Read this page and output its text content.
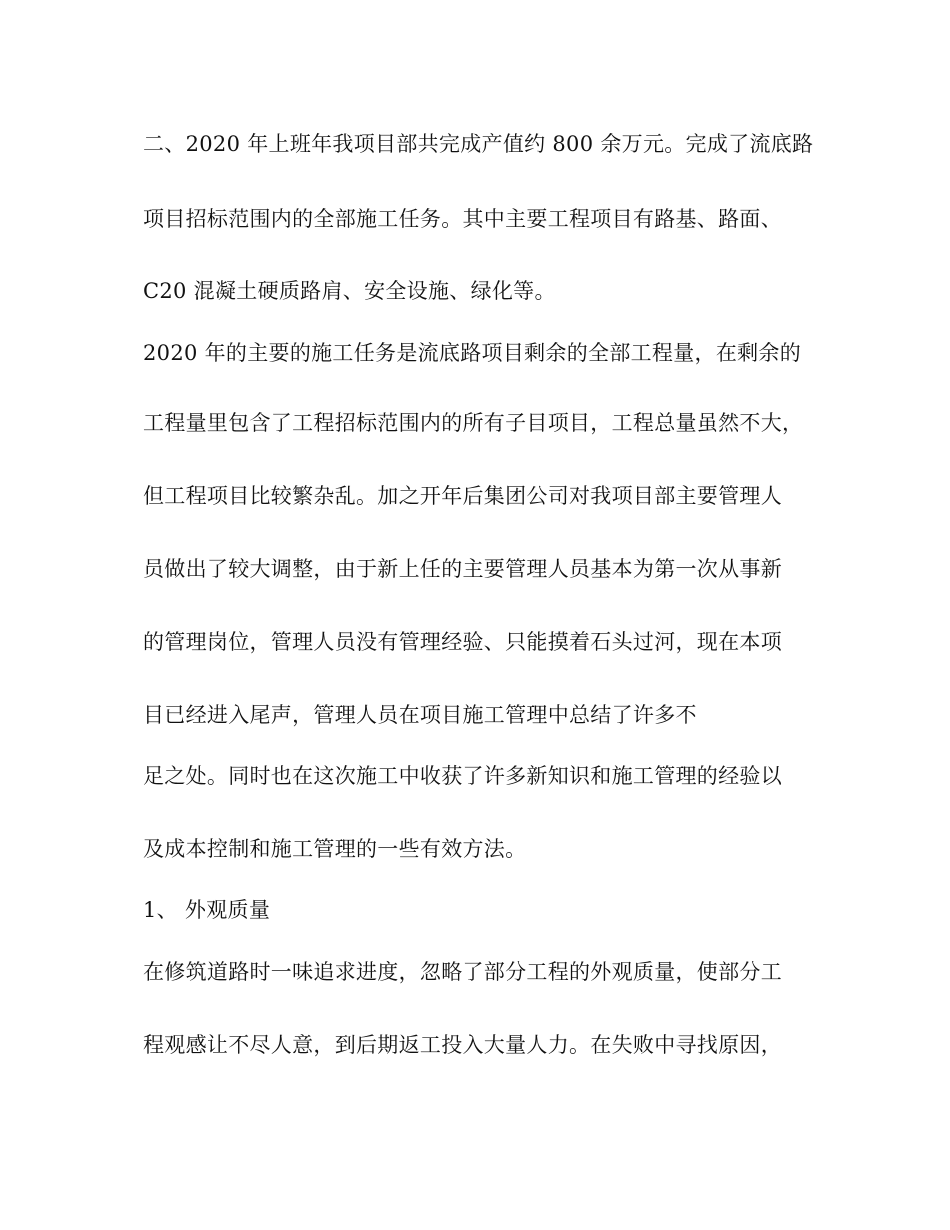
二、2020 年上班年我项目部共完成产值约 800 余万元。完成了流底路
项目招标范围内的全部施工任务。其中主要工程项目有路基、路面、
C20 混凝土硬质路肩、安全设施、绿化等。
2020 年的主要的施工任务是流底路项目剩余的全部工程量，在剩余的
工程量里包含了工程招标范围内的所有子目项目，工程总量虽然不大，
但工程项目比较繁杂乱。加之开年后集团公司对我项目部主要管理人
员做出了较大调整，由于新上任的主要管理人员基本为第一次从事新
的管理岗位，管理人员没有管理经验、只能摸着石头过河，现在本项
目已经进入尾声，管理人员在项目施工管理中总结了许多不
足之处。同时也在这次施工中收获了许多新知识和施工管理的经验以
及成本控制和施工管理的一些有效方法。
1、 外观质量
在修筑道路时一味追求进度，忽略了部分工程的外观质量，使部分工
程观感让不尽人意，到后期返工投入大量人力。在失败中寻找原因，
